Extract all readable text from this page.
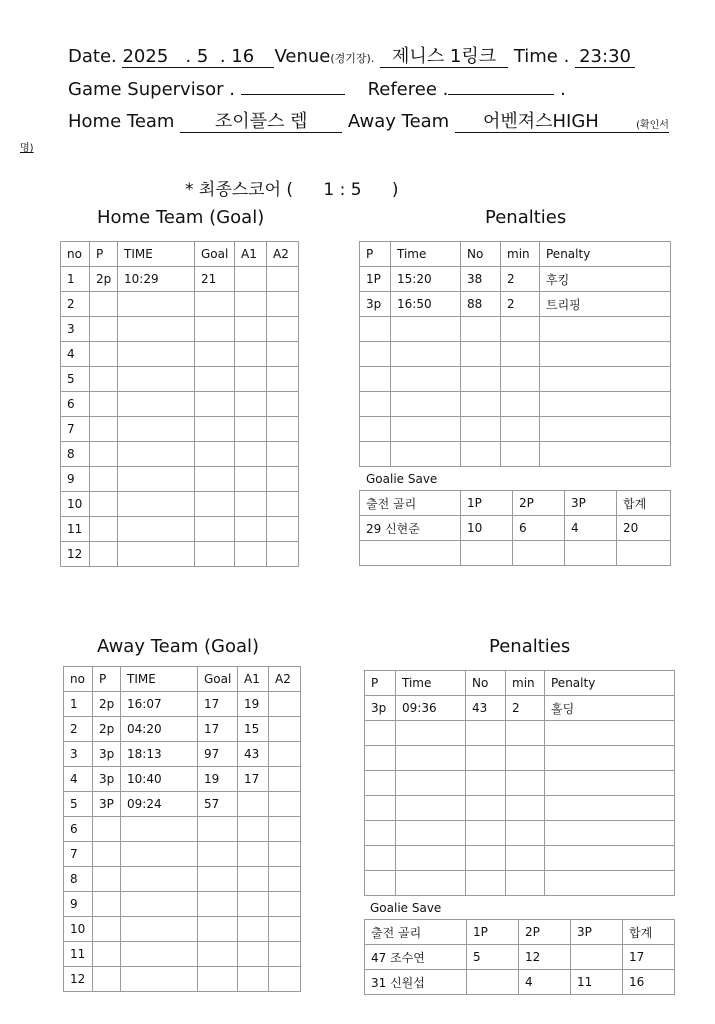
Date. 2025 . 5 . 16 Venue(경기장). 제니스 1링크 Time . 23:30
Game Supervisor .	Referee .	.
Home Team 조이플스 렙 Away Team 어벤져스HIGH	(확인서
명)
* 최종스코어 ( 1 : 5 )
Home Team (Goal)	Penalties
Away Team (Goal)	Penalties
no	P	TIME	Goal	A1	A2
1	2p	10:29	21		
2					
3					
4					
5					
6					
7					
8					
9					
10					
11					
12					
P	Time	No	min	Penalty
1P	15:20	38	2	후킹
3p	16:50	88	2	트리핑

Goalie Save
출전 골리	1P	2P	3P	합계
29 신현준	10	6	4	20

no	P	TIME	Goal	A1	A2
1	2p	16:07	17	19	
2	2p	04:20	17	15	
3	3p	18:13	97	43	
4	3p	10:40	19	17	
5	3P	09:24	57		
6					
7					
8					
9					
10					
11					
12					
P	Time	No	min	Penalty
3p	09:36	43	2	홀딩

Goalie Save
출전 골리	1P	2P	3P	합계
47 조수연	5	12		17
31 신원섭		4	11	16
